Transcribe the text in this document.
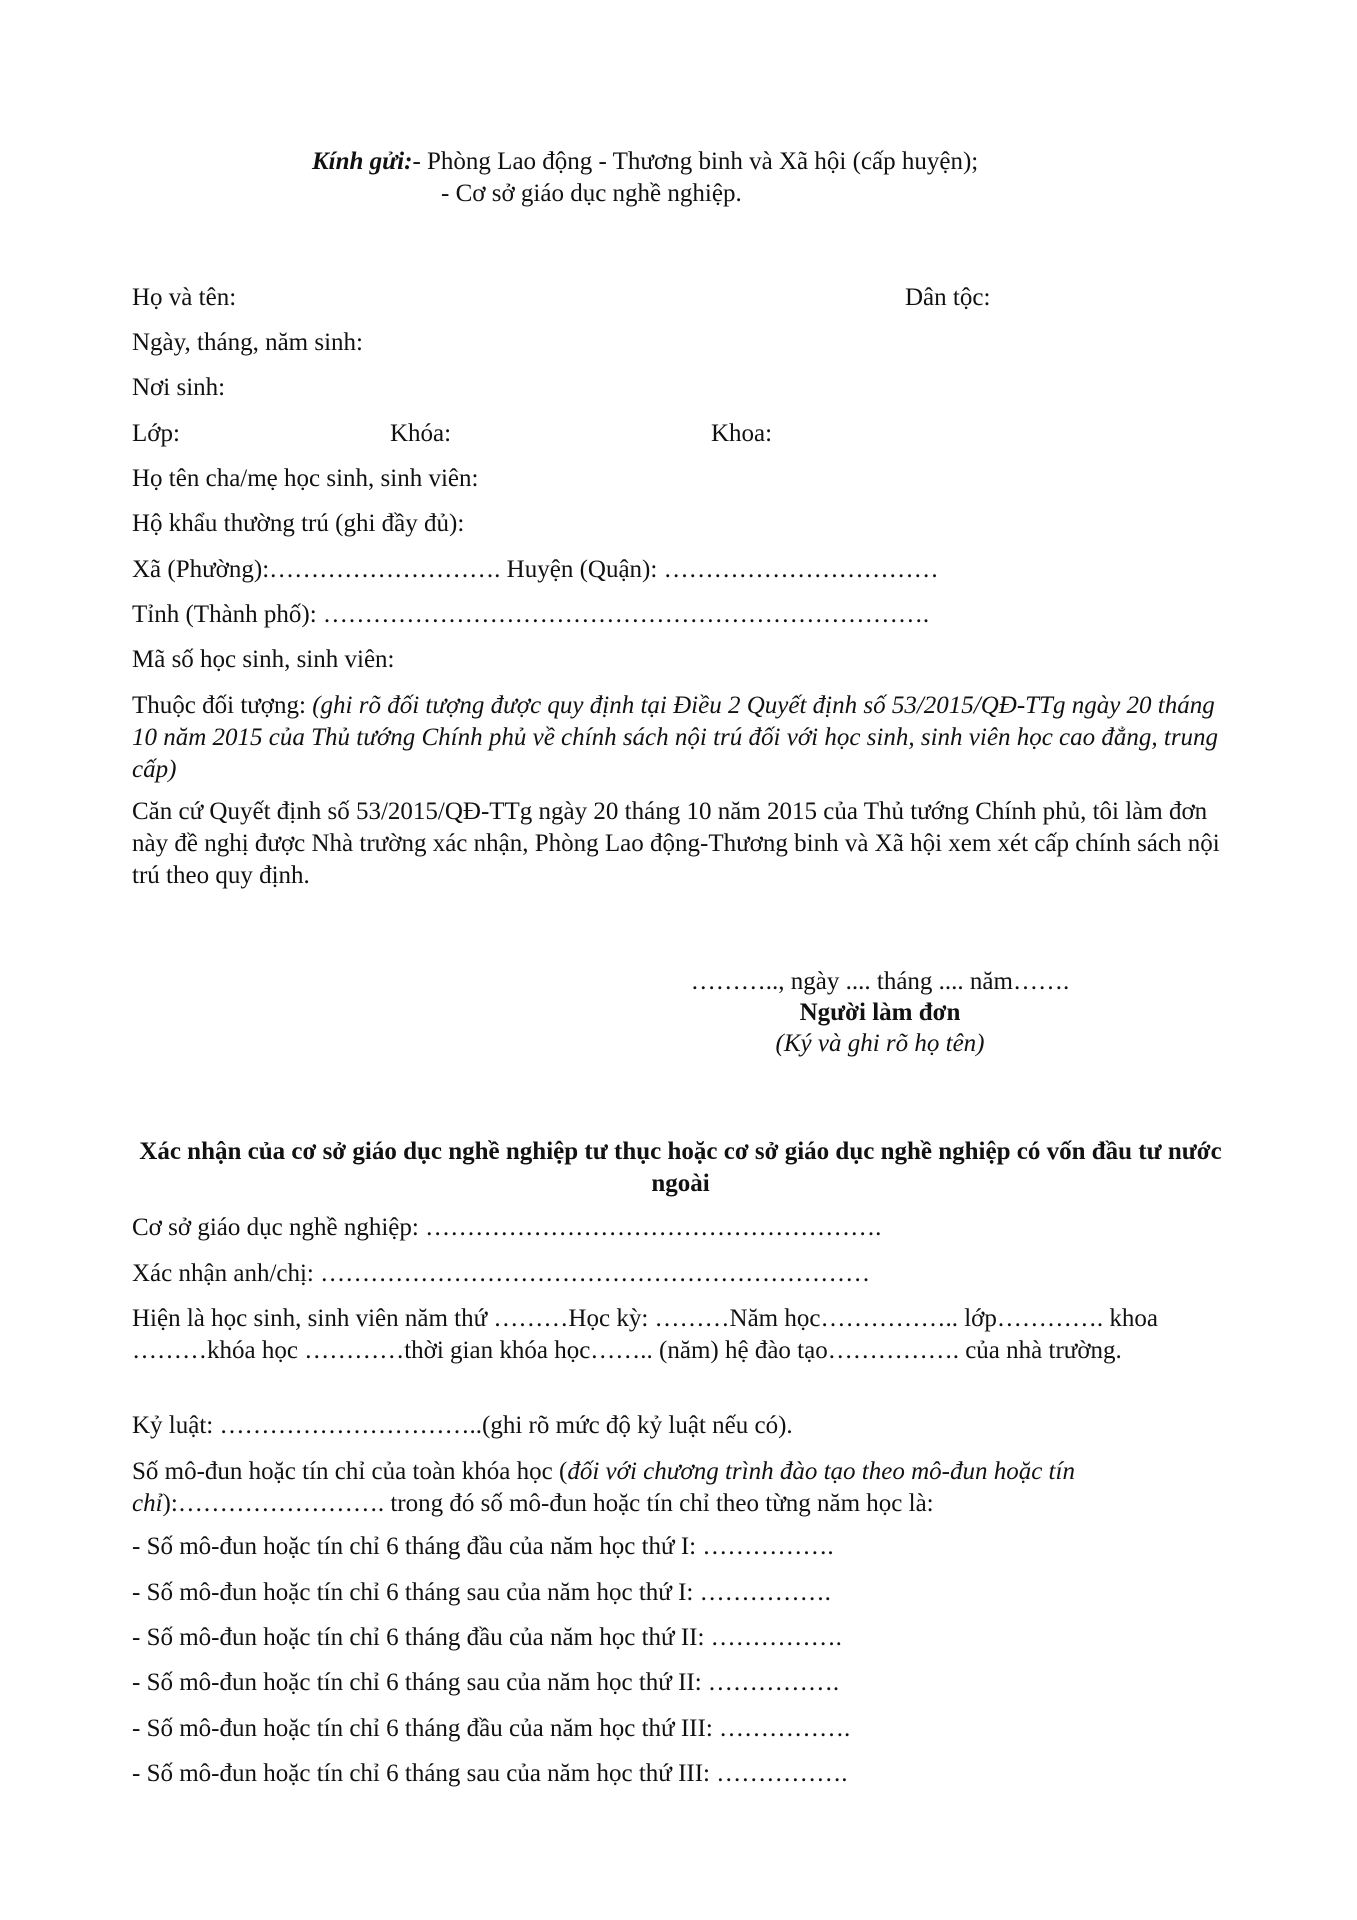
Kính gửi:- Phòng Lao động - Thương binh và Xã hội (cấp huyện);
- Cơ sở giáo dục nghề nghiệp.
Họ và tên:	Dân tộc:
Ngày, tháng, năm sinh:
Nơi sinh:
Lớp:	Khóa:	Khoa:
Họ tên cha/mẹ học sinh, sinh viên:
Hộ khẩu thường trú (ghi đầy đủ):
Xã (Phường):………………………. Huyện (Quận): ……………………………
Tỉnh (Thành phố): ……………………………………………………………….
Mã số học sinh, sinh viên:
Thuộc đối tượng: (ghi rõ đối tượng được quy định tại Điều 2 Quyết định số 53/2015/QĐ-TTg ngày 20 tháng 10 năm 2015 của Thủ tướng Chính phủ về chính sách nội trú đối với học sinh, sinh viên học cao đẳng, trung cấp)
Căn cứ Quyết định số 53/2015/QĐ-TTg ngày 20 tháng 10 năm 2015 của Thủ tướng Chính phủ, tôi làm đơn này đề nghị được Nhà trường xác nhận, Phòng Lao động-Thương binh và Xã hội xem xét cấp chính sách nội trú theo quy định.
……….., ngày .... tháng .... năm…….
Người làm đơn
(Ký và ghi rõ họ tên)
Xác nhận của cơ sở giáo dục nghề nghiệp tư thục hoặc cơ sở giáo dục nghề nghiệp có vốn đầu tư nước ngoài
Cơ sở giáo dục nghề nghiệp: ……………………………………………….
Xác nhận anh/chị: …………………………………………………………
Hiện là học sinh, sinh viên năm thứ ………Học kỳ: ………Năm học…………….. lớp…………. khoa ………khóa học …………thời gian khóa học…….. (năm) hệ đào tạo……………. của nhà trường.
Kỷ luật: …………………………..(ghi rõ mức độ kỷ luật nếu có).
Số mô-đun hoặc tín chỉ của toàn khóa học (đối với chương trình đào tạo theo mô-đun hoặc tín chỉ):……………………. trong đó số mô-đun hoặc tín chỉ theo từng năm học là:
- Số mô-đun hoặc tín chỉ 6 tháng đầu của năm học thứ I: …………….
- Số mô-đun hoặc tín chỉ 6 tháng sau của năm học thứ I: …………….
- Số mô-đun hoặc tín chỉ 6 tháng đầu của năm học thứ II: …………….
- Số mô-đun hoặc tín chỉ 6 tháng sau của năm học thứ II: …………….
- Số mô-đun hoặc tín chỉ 6 tháng đầu của năm học thứ III: …………….
- Số mô-đun hoặc tín chỉ 6 tháng sau của năm học thứ III: …………….
